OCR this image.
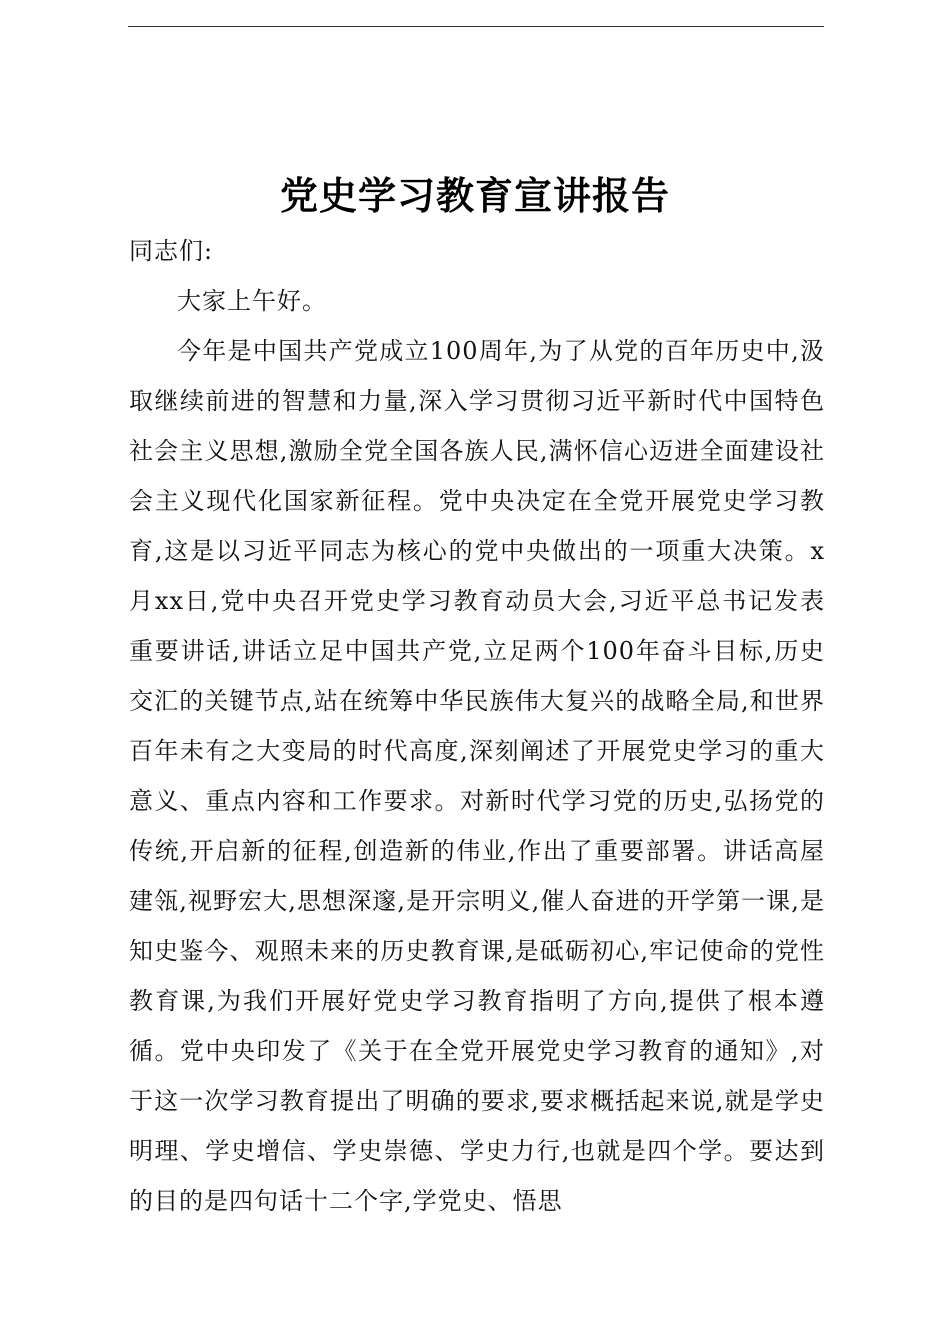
党史学习教育宣讲报告

同志们:

大家上午好。

今年是中国共产党成立100周年,为了从党的百年历史中,汲取继续前进的智慧和力量,深入学习贯彻习近平新时代中国特色社会主义思想,激励全党全国各族人民,满怀信心迈进全面建设社会主义现代化国家新征程。党中央决定在全党开展党史学习教育,这是以习近平同志为核心的党中央做出的一项重大决策。x月xx日,党中央召开党史学习教育动员大会,习近平总书记发表重要讲话,讲话立足中国共产党,立足两个100年奋斗目标,历史交汇的关键节点,站在统筹中华民族伟大复兴的战略全局,和世界百年未有之大变局的时代高度,深刻阐述了开展党史学习的重大意义、重点内容和工作要求。对新时代学习党的历史,弘扬党的传统,开启新的征程,创造新的伟业,作出了重要部署。讲话高屋建瓴,视野宏大,思想深邃,是开宗明义,催人奋进的开学第一课,是知史鉴今、观照未来的历史教育课,是砥砺初心,牢记使命的党性教育课,为我们开展好党史学习教育指明了方向,提供了根本遵循。党中央印发了《关于在全党开展党史学习教育的通知》,对于这一次学习教育提出了明确的要求,要求概括起来说,就是学史明理、学史增信、学史崇德、学史力行,也就是四个学。要达到的目的是四句话十二个字,学党史、悟思
